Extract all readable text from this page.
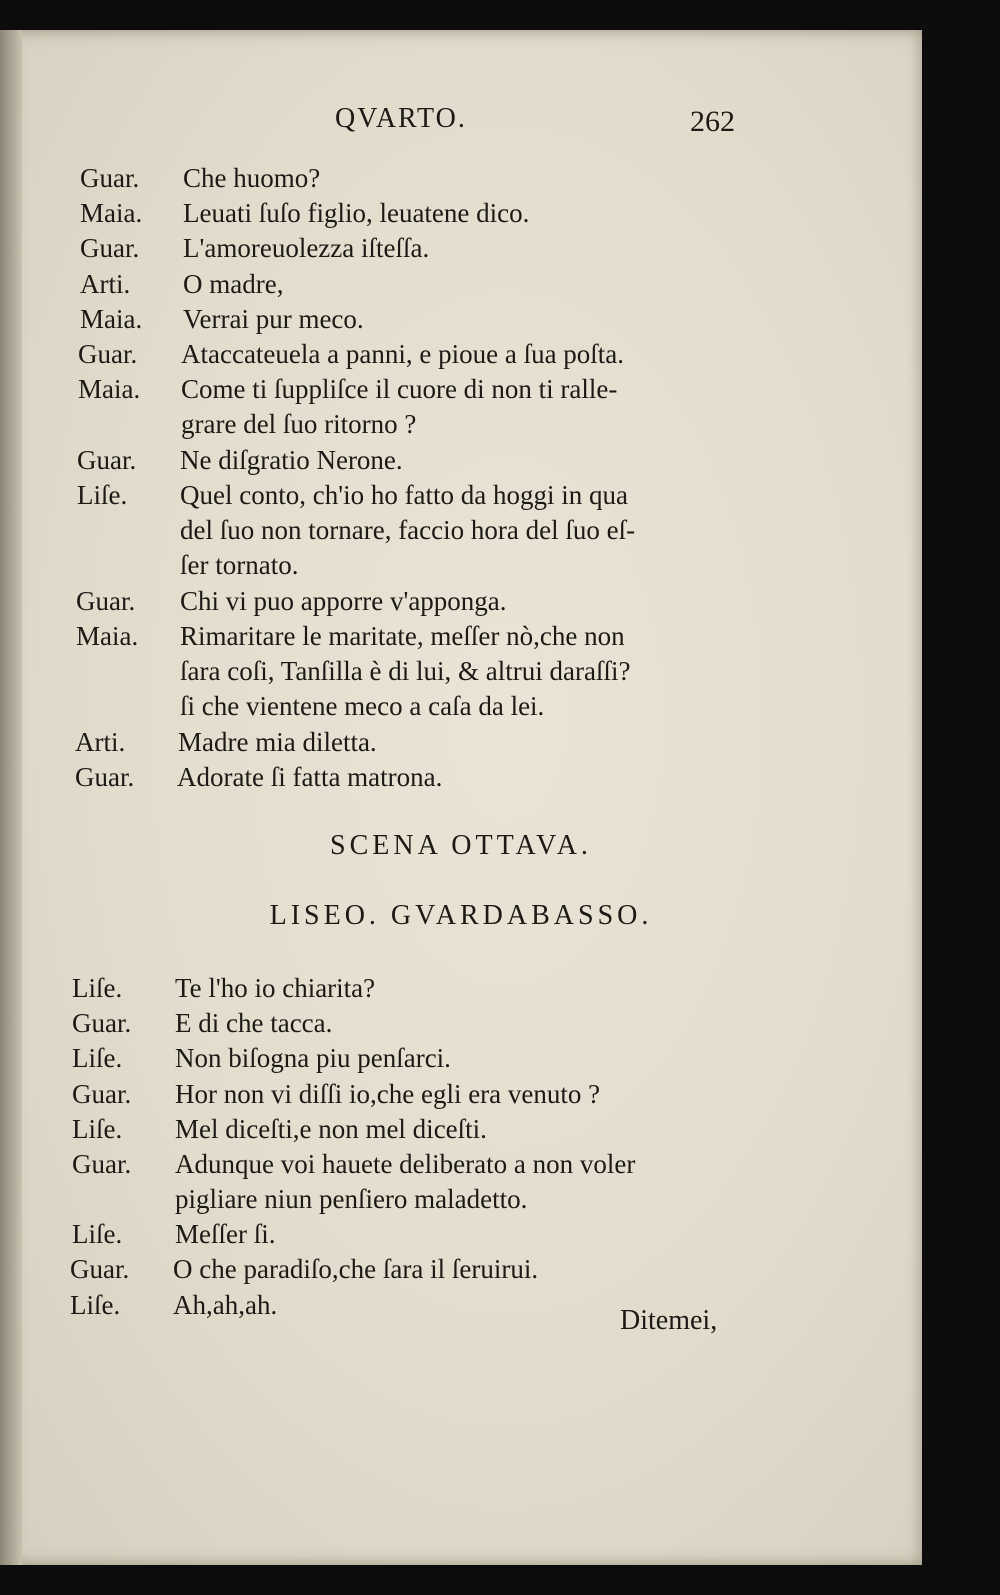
QVARTO.	262
Guar. Che huomo?
Maia. Leuati ſuſo figlio, leuatene dico.
Guar. L'amoreuolezza iſteſſa.
Arti. O madre,
Maia. Verrai pur meco.
Guar. Ataccateuela a panni, e pioue a ſua poſta.
Maia. Come ti ſuppliſce il cuore di non ti ralle-
grare del ſuo ritorno ?
Guar. Ne diſgratio Nerone.
Liſe. Quel conto, ch'io ho fatto da hoggi in qua
del ſuo non tornare, faccio hora del ſuo eſ-
ſer tornato.
Guar. Chi vi puo apporre v'apponga.
Maia. Rimaritare le maritate, meſſer nò,che non
ſara coſi, Tanſilla è di lui, & altrui daraſſi?
ſi che vientene meco a caſa da lei.
Arti. Madre mia diletta.
Guar. Adorate ſi fatta matrona.
SCENA OTTAVA.
LISEO. GVARDABASSO.
Liſe. Te l'ho io chiarita?
Guar. E di che tacca.
Liſe. Non biſogna piu penſarci.
Guar. Hor non vi diſſi io,che egli era venuto ?
Liſe. Mel diceſti,e non mel diceſti.
Guar. Adunque voi hauete deliberato a non voler
pigliare niun penſiero maladetto.
Liſe. Meſſer ſi.
Guar. O che paradiſo,che ſara il ſeruirui.
Liſe. Ah,ah,ah.	Ditemei,
